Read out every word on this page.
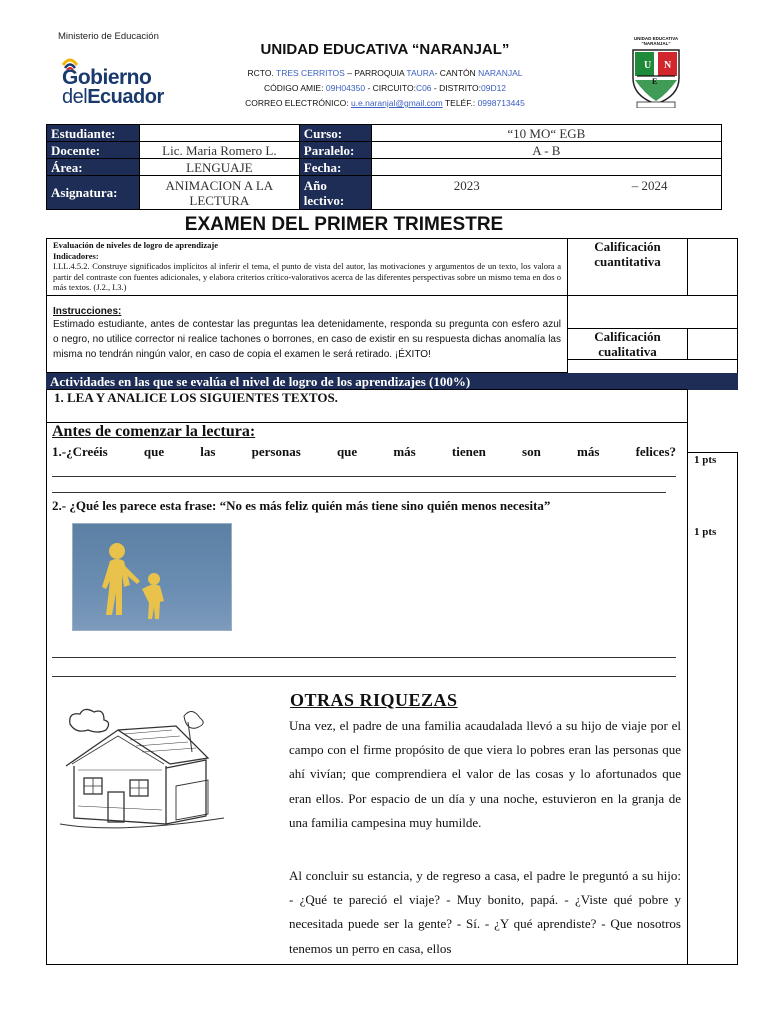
Ministerio de Educación
Gobierno
delEcuador
UNIDAD EDUCATIVA “NARANJAL”
RCTO. TRES CERRITOS – PARROQUIA TAURA- CANTÓN NARANJAL
CÓDIGO AMIE: 09H04350 - CIRCUITO:C06 - DISTRITO:09D12
CORREO ELECTRÓNICO: u.e.naranjal@gmail.com TELÉF.: 0998713445
UNIDAD EDUCATIVA
"NARANJAL"
U
E
N
Estudiante:		Curso:	“10 MO“ EGB
Docente:	Lic. Maria Romero L.	Paralelo:	A - B
Área:	LENGUAJE	Fecha:	
Asignatura:	ANIMACION A LA LECTURA	Año lectivo:	2023 – 2024
EXAMEN DEL PRIMER TRIMESTRE
Evaluación de niveles de logro de aprendizaje
Indicadores:
I.LL.4.5.2. Construye significados implícitos al inferir el tema, el punto de vista del autor, las motivaciones y argumentos de un texto, los valora a partir del contraste con fuentes adicionales, y elabora criterios crítico-valorativos acerca de las diferentes perspectivas sobre un mismo tema en dos o más textos. (J.2., I.3.)
Calificación cuantitativa
Instrucciones:
Estimado estudiante, antes de contestar las preguntas lea detenidamente, responda su pregunta con esfero azul o negro, no utilice corrector ni realice tachones o borrones, en caso de existir en su respuesta dichas anomalía las misma no tendrán ningún valor, en caso de copia el examen le será retirado. ¡ÉXITO!
Calificación cualitativa
Actividades en las que se evalúa el nivel de logro de los aprendizajes (100%)
1. LEA Y ANALICE LOS SIGUIENTES TEXTOS.
Antes de comenzar la lectura:
1.-¿Creéis que las personas que más tienen son más felices?
1 pts
2.- ¿Qué les parece esta frase: “No es más feliz quién más tiene sino quién menos necesita”
1 pts
OTRAS RIQUEZAS
Una vez, el padre de una familia acaudalada llevó a su hijo de viaje por el campo con el firme propósito de que viera lo pobres eran las personas que ahí vivían; que comprendiera el valor de las cosas y lo afortunados que eran ellos. Por espacio de un día y una noche, estuvieron en la granja de una familia campesina muy humilde.
Al concluir su estancia, y de regreso a casa, el padre le preguntó a su hijo: - ¿Qué te pareció el viaje? - Muy bonito, papá. - ¿Viste qué pobre y necesitada puede ser la gente? - Sí. - ¿Y qué aprendiste? - Que nosotros tenemos un perro en casa, ellos
